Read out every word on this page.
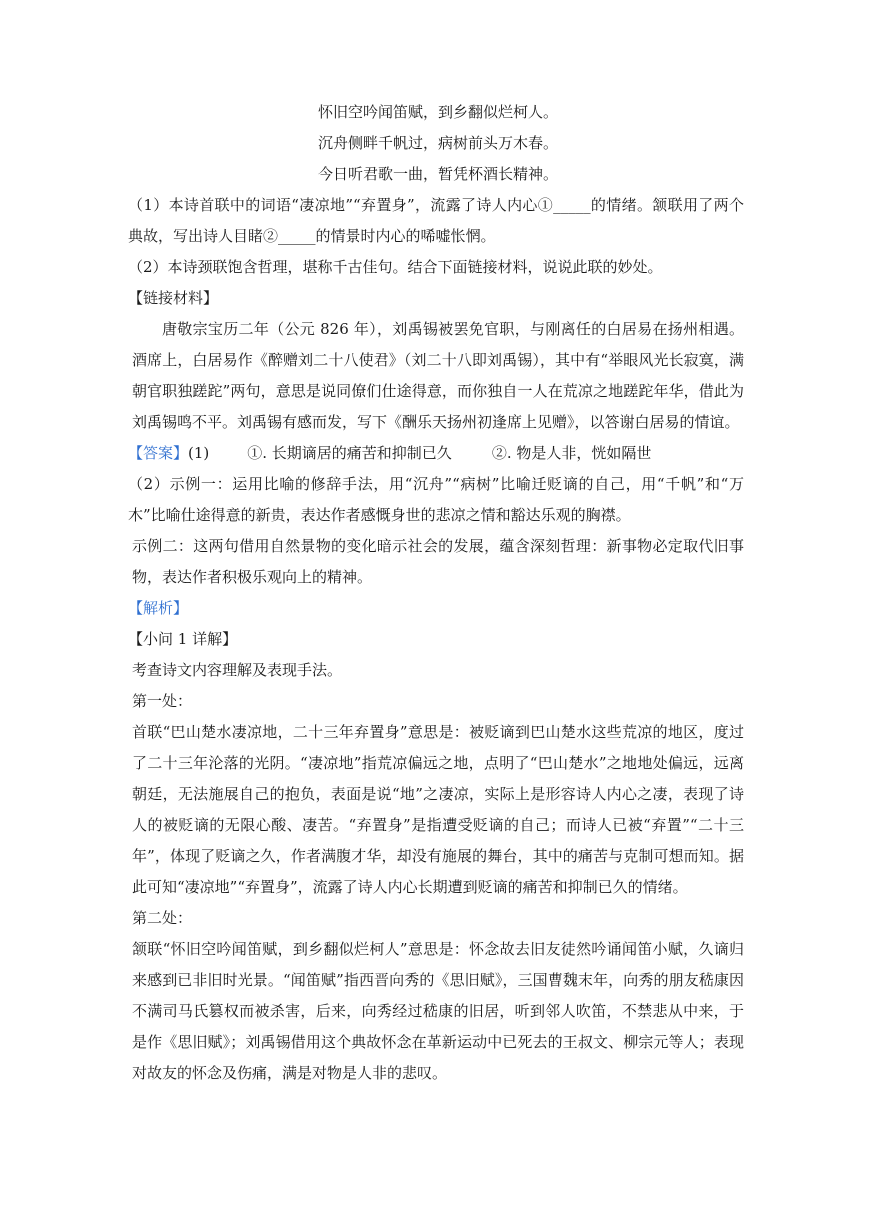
怀旧空吟闻笛赋，到乡翻似烂柯人。
沉舟侧畔千帆过，病树前头万木春。
今日听君歌一曲，暂凭杯酒长精神。

（1）本诗首联中的词语“凄凉地”“弃置身”，流露了诗人内心①_____的情绪。颔联用了两个典故，写出诗人目睹②_____的情景时内心的唏嘘怅惘。

（2）本诗颈联饱含哲理，堪称千古佳句。结合下面链接材料，说说此联的妙处。

【链接材料】

唐敬宗宝历二年（公元 826 年），刘禹锡被罢免官职，与刚离任的白居易在扬州相遇。酒席上，白居易作《醉赠刘二十八使君》（刘二十八即刘禹锡），其中有“举眼风光长寂寞，满朝官职独蹉跎”两句，意思是说同僚们仕途得意，而你独自一人在荒凉之地蹉跎年华，借此为刘禹锡鸣不平。刘禹锡有感而发，写下《酬乐天扬州初逢席上见赠》，以答谢白居易的情谊。

【答案】(1)	①. 长期谪居的痛苦和抑制已久	②. 物是人非，恍如隔世

（2）示例一：运用比喻的修辞手法，用“沉舟”“病树”比喻迁贬谪的自己，用“千帆”和“万木”比喻仕途得意的新贵，表达作者感慨身世的悲凉之情和豁达乐观的胸襟。

示例二：这两句借用自然景物的变化暗示社会的发展，蕴含深刻哲理：新事物必定取代旧事物，表达作者积极乐观向上的精神。

【解析】

【小问 1 详解】

考查诗文内容理解及表现手法。

第一处：

首联“巴山楚水凄凉地，二十三年弃置身”意思是：被贬谪到巴山楚水这些荒凉的地区，度过了二十三年沦落的光阴。“凄凉地”指荒凉偏远之地，点明了“巴山楚水”之地地处偏远，远离朝廷，无法施展自己的抱负，表面是说“地”之凄凉，实际上是形容诗人内心之凄，表现了诗人的被贬谪的无限心酸、凄苦。“弃置身”是指遭受贬谪的自己；而诗人已被“弃置”“二十三年”，体现了贬谪之久，作者满腹才华，却没有施展的舞台，其中的痛苦与克制可想而知。据此可知“凄凉地”“弃置身”，流露了诗人内心长期遭到贬谪的痛苦和抑制已久的情绪。

第二处：

颔联“怀旧空吟闻笛赋，到乡翻似烂柯人”意思是：怀念故去旧友徒然吟诵闻笛小赋，久谪归来感到已非旧时光景。“闻笛赋”指西晋向秀的《思旧赋》，三国曹魏末年，向秀的朋友嵇康因不满司马氏篡权而被杀害，后来，向秀经过嵇康的旧居，听到邻人吹笛，不禁悲从中来，于是作《思旧赋》；刘禹锡借用这个典故怀念在革新运动中已死去的王叔文、柳宗元等人；表现对故友的怀念及伤痛，满是对物是人非的悲叹。
